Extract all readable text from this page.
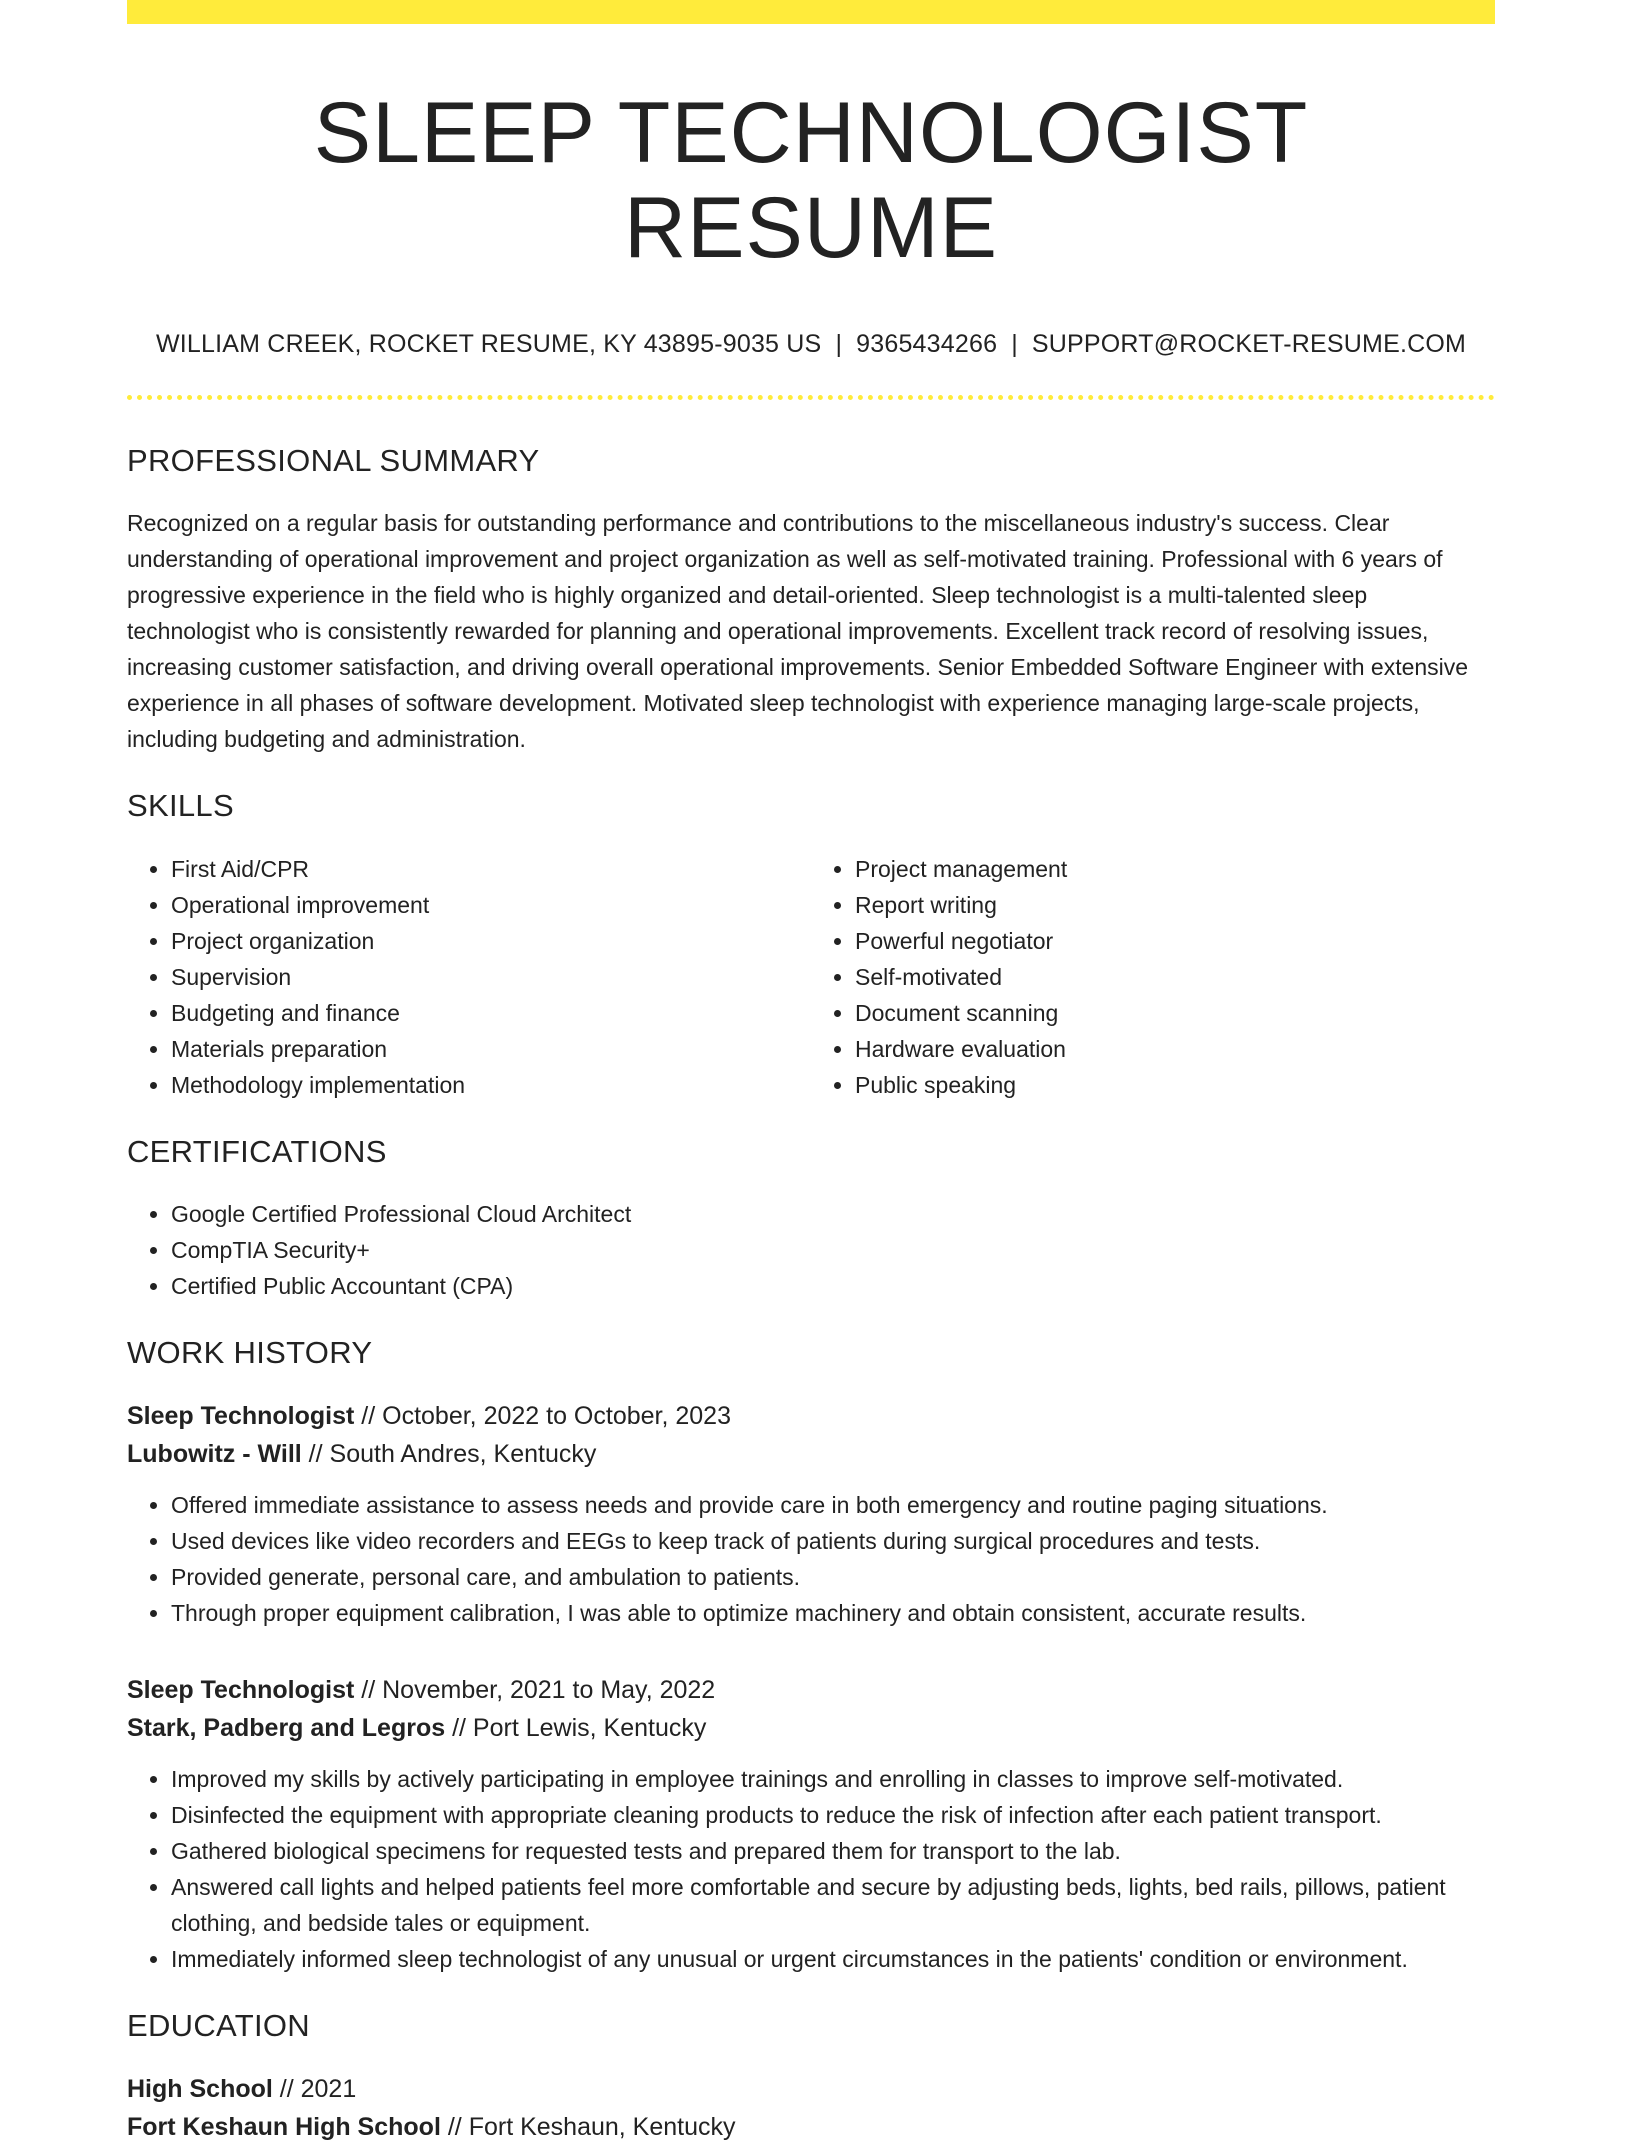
SLEEP TECHNOLOGIST RESUME
WILLIAM CREEK, ROCKET RESUME, KY 43895-9035 US | 9365434266 | SUPPORT@ROCKET-RESUME.COM
PROFESSIONAL SUMMARY

Recognized on a regular basis for outstanding performance and contributions to the miscellaneous industry's success. Clear understanding of operational improvement and project organization as well as self-motivated training. Professional with 6 years of progressive experience in the field who is highly organized and detail-oriented. Sleep technologist is a multi-talented sleep technologist who is consistently rewarded for planning and operational improvements. Excellent track record of resolving issues, increasing customer satisfaction, and driving overall operational improvements. Senior Embedded Software Engineer with extensive experience in all phases of software development. Motivated sleep technologist with experience managing large-scale projects, including budgeting and administration.

SKILLS
• First Aid/CPR
• Operational improvement
• Project organization
• Supervision
• Budgeting and finance
• Materials preparation
• Methodology implementation
• Project management
• Report writing
• Powerful negotiator
• Self-motivated
• Document scanning
• Hardware evaluation
• Public speaking
CERTIFICATIONS
• Google Certified Professional Cloud Architect
• CompTIA Security+
• Certified Public Accountant (CPA)
WORK HISTORY

Sleep Technologist // October, 2022 to October, 2023

Lubowitz - Will // South Andres, Kentucky

• Offered immediate assistance to assess needs and provide care in both emergency and routine paging situations.
• Used devices like video recorders and EEGs to keep track of patients during surgical procedures and tests.
• Provided generate, personal care, and ambulation to patients.
• Through proper equipment calibration, I was able to optimize machinery and obtain consistent, accurate results.

Sleep Technologist // November, 2021 to May, 2022

Stark, Padberg and Legros // Port Lewis, Kentucky

• Improved my skills by actively participating in employee trainings and enrolling in classes to improve self-motivated.
• Disinfected the equipment with appropriate cleaning products to reduce the risk of infection after each patient transport.
• Gathered biological specimens for requested tests and prepared them for transport to the lab.
• Answered call lights and helped patients feel more comfortable and secure by adjusting beds, lights, bed rails, pillows, patient clothing, and bedside tales or equipment.
• Immediately informed sleep technologist of any unusual or urgent circumstances in the patients' condition or environment.
EDUCATION

High School // 2021

Fort Keshaun High School // Fort Keshaun, Kentucky
